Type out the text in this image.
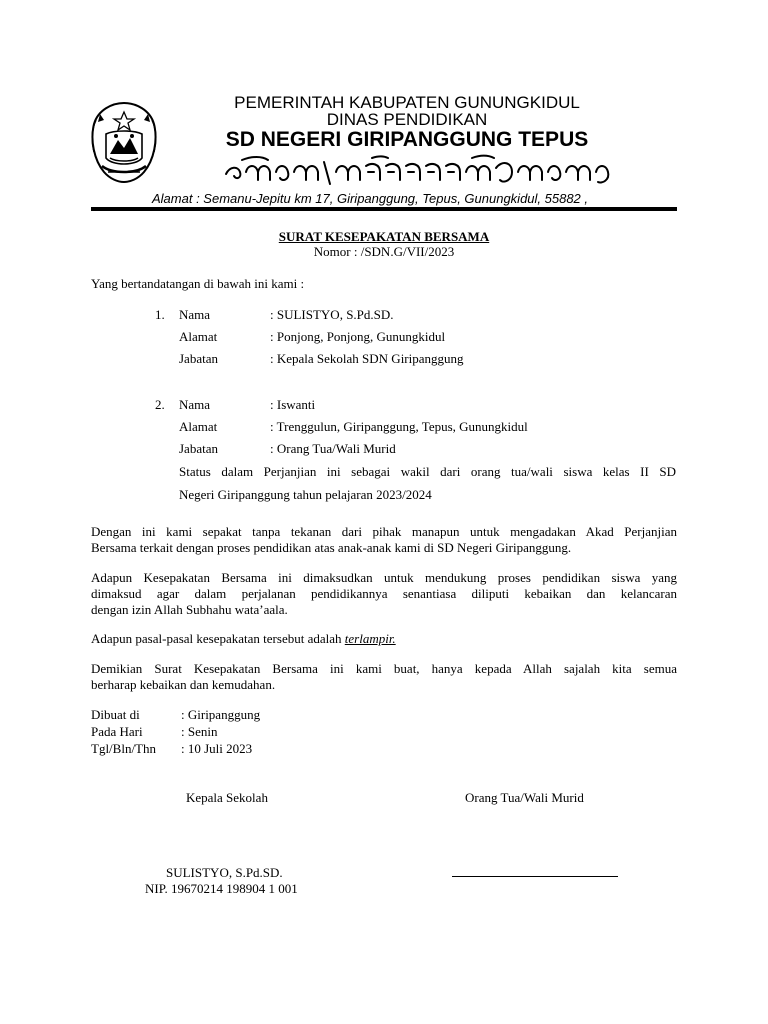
PEMERINTAH KABUPATEN GUNUNGKIDUL
DINAS PENDIDIKAN
SD NEGERI GIRIPANGGUNG TEPUS
Alamat : Semanu-Jepitu km 17, Giripanggung, Tepus, Gunungkidul, 55882 ,
SURAT KESEPAKATAN BERSAMA
Nomor : /SDN.G/VII/2023
Yang bertandatangan di bawah ini kami :
1. Nama	: SULISTYO, S.Pd.SD.
Alamat	: Ponjong, Ponjong, Gunungkidul
Jabatan	: Kepala Sekolah SDN Giripanggung
2. Nama	: Iswanti
Alamat	: Trenggulun, Giripanggung, Tepus, Gunungkidul
Jabatan	: Orang Tua/Wali Murid
Status dalam Perjanjian ini sebagai wakil dari orang tua/wali siswa kelas II SD
Negeri Giripanggung tahun pelajaran 2023/2024
Dengan ini kami sepakat tanpa tekanan dari pihak manapun untuk mengadakan Akad Perjanjian
Bersama terkait dengan proses pendidikan atas anak-anak kami di SD Negeri Giripanggung.
Adapun Kesepakatan Bersama ini dimaksudkan untuk mendukung proses pendidikan siswa yang
dimaksud agar dalam perjalanan pendidikannya senantiasa diliputi kebaikan dan kelancaran
dengan izin Allah Subhahu wata’aala.
Adapun pasal-pasal kesepakatan tersebut adalah terlampir.
Demikian Surat Kesepakatan Bersama ini kami buat, hanya kepada Allah sajalah kita semua
berharap kebaikan dan kemudahan.
Dibuat di	: Giripanggung
Pada Hari	: Senin
Tgl/Bln/Thn : 10 Juli 2023
Kepala Sekolah	Orang Tua/Wali Murid
SULISTYO, S.Pd.SD.
NIP. 19670214 198904 1 001
